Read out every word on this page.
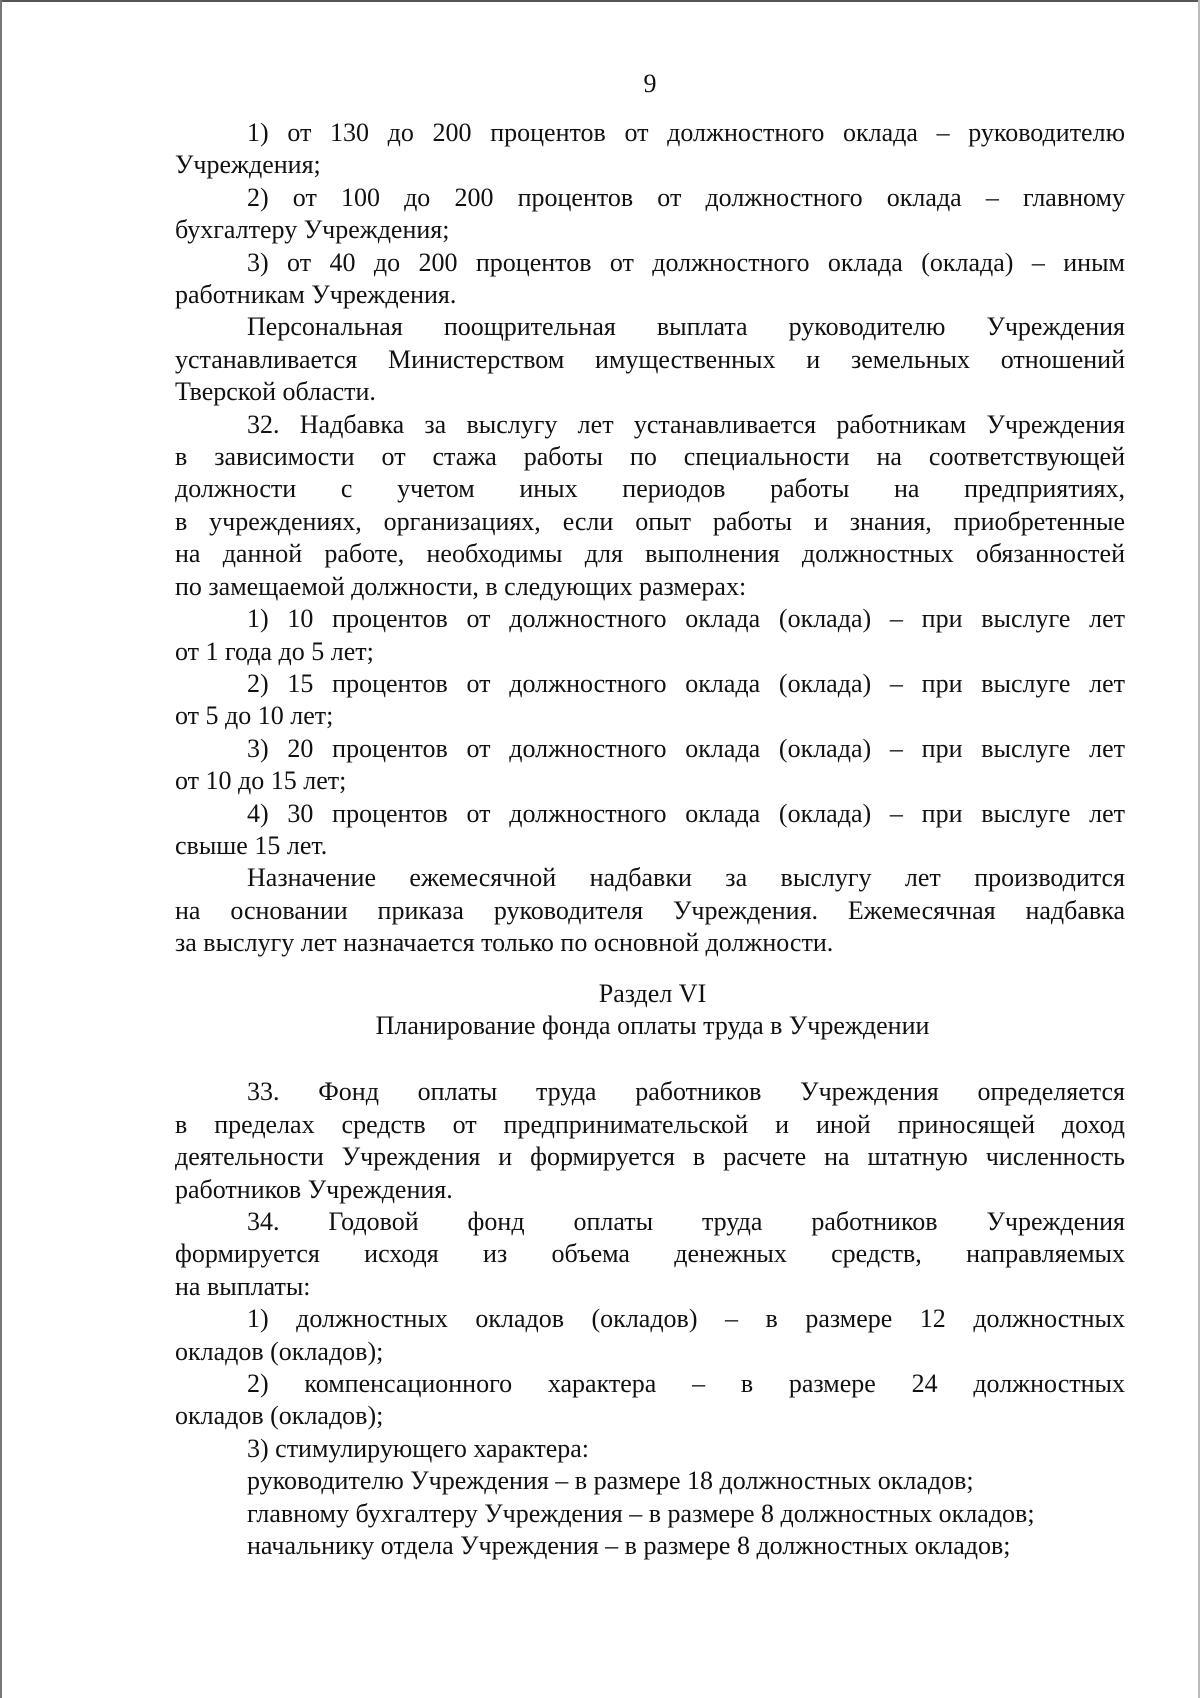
9

1) от 130 до 200 процентов от должностного оклада – руководителю

Учреждения;

2) от 100 до 200 процентов от должностного оклада – главному

бухгалтеру Учреждения;

3) от 40 до 200 процентов от должностного оклада (оклада) – иным

работникам Учреждения.

Персональная поощрительная выплата руководителю Учреждения

устанавливается Министерством имущественных и земельных отношений

Тверской области.

32. Надбавка за выслугу лет устанавливается работникам Учреждения

в зависимости от стажа работы по специальности на соответствующей

должности с учетом иных периодов работы на предприятиях,

в учреждениях, организациях, если опыт работы и знания, приобретенные

на данной работе, необходимы для выполнения должностных обязанностей

по замещаемой должности, в следующих размерах:

1) 10 процентов от должностного оклада (оклада) – при выслуге лет

от 1 года до 5 лет;

2) 15 процентов от должностного оклада (оклада) – при выслуге лет

от 5 до 10 лет;

3) 20 процентов от должностного оклада (оклада) – при выслуге лет

от 10 до 15 лет;

4) 30 процентов от должностного оклада (оклада) – при выслуге лет

свыше 15 лет.

Назначение ежемесячной надбавки за выслугу лет производится

на основании приказа руководителя Учреждения. Ежемесячная надбавка

за выслугу лет назначается только по основной должности.

Раздел VI

Планирование фонда оплаты труда в Учреждении

33. Фонд оплаты труда работников Учреждения определяется

в пределах средств от предпринимательской и иной приносящей доход

деятельности Учреждения и формируется в расчете на штатную численность

работников Учреждения.

34. Годовой фонд оплаты труда работников Учреждения

формируется исходя из объема денежных средств, направляемых

на выплаты:

1) должностных окладов (окладов) – в размере 12 должностных

окладов (окладов);

2) компенсационного характера – в размере 24 должностных

окладов (окладов);

3) стимулирующего характера:

руководителю Учреждения – в размере 18 должностных окладов;

главному бухгалтеру Учреждения – в размере 8 должностных окладов;

начальнику отдела Учреждения – в размере 8 должностных окладов;
